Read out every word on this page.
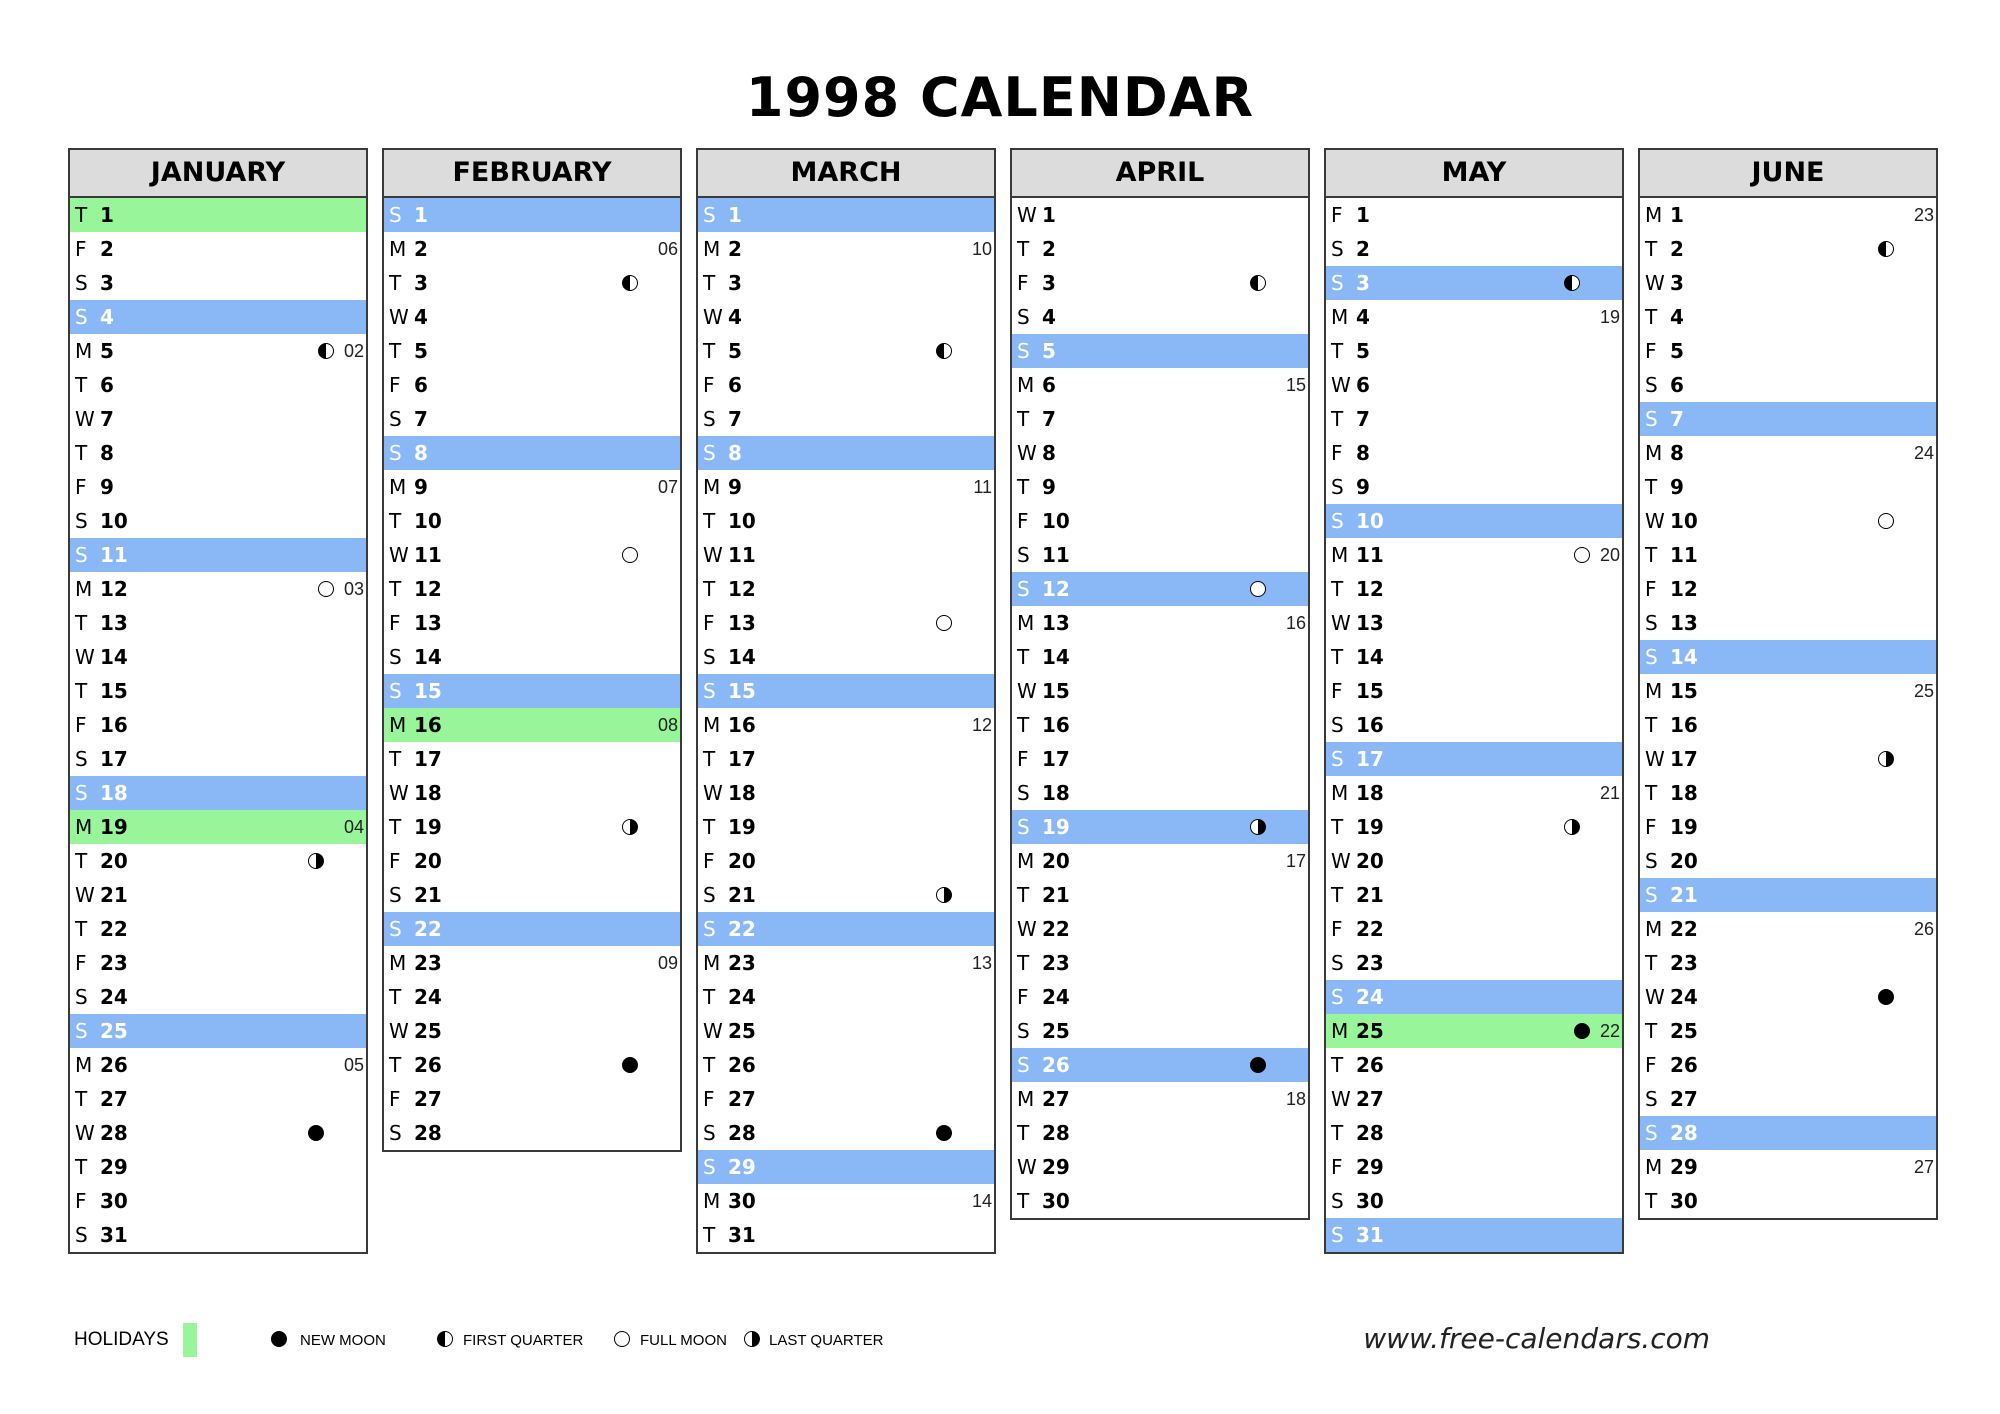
1998 CALENDAR
JANUARY
T 1
F 2
S 3
S 4
M 5	02
T 6
W 7
T 8
F 9
S 10
S 11
M 12	03
T 13
W 14
T 15
F 16
S 17
S 18
M 19	04
T 20
W 21
T 22
F 23
S 24
S 25
M 26	05
T 27
W 28
T 29
F 30
S 31
FEBRUARY
S 1
M 2	06
T 3
W 4
T 5
F 6
S 7
S 8
M 9	07
T 10
W 11
T 12
F 13
S 14
S 15
M 16	08
T 17
W 18
T 19
F 20
S 21
S 22
M 23	09
T 24
W 25
T 26
F 27
S 28
MARCH
S 1
M 2	10
T 3
W 4
T 5
F 6
S 7
S 8
M 9	11
T 10
W 11
T 12
F 13
S 14
S 15
M 16	12
T 17
W 18
T 19
F 20
S 21
S 22
M 23	13
T 24
W 25
T 26
F 27
S 28
S 29
M 30	14
T 31
APRIL
W 1
T 2
F 3
S 4
S 5
M 6	15
T 7
W 8
T 9
F 10
S 11
S 12
M 13	16
T 14
W 15
T 16
F 17
S 18
S 19
M 20	17
T 21
W 22
T 23
F 24
S 25
S 26
M 27	18
T 28
W 29
T 30
MAY
F 1
S 2
S 3
M 4	19
T 5
W 6
T 7
F 8
S 9
S 10
M 11	20
T 12
W 13
T 14
F 15
S 16
S 17
M 18	21
T 19
W 20
T 21
F 22
S 23
S 24
M 25	22
T 26
W 27
T 28
F 29
S 30
S 31
JUNE
M 1	23
T 2
W 3
T 4
F 5
S 6
S 7
M 8	24
T 9
W 10
T 11
F 12
S 13
S 14
M 15	25
T 16
W 17
T 18
F 19
S 20
S 21
M 22	26
T 23
W 24
T 25
F 26
S 27
S 28
M 29	27
T 30
HOLIDAYS	NEW MOON	FIRST QUARTER	FULL MOON	LAST QUARTER	www.free-calendars.com
